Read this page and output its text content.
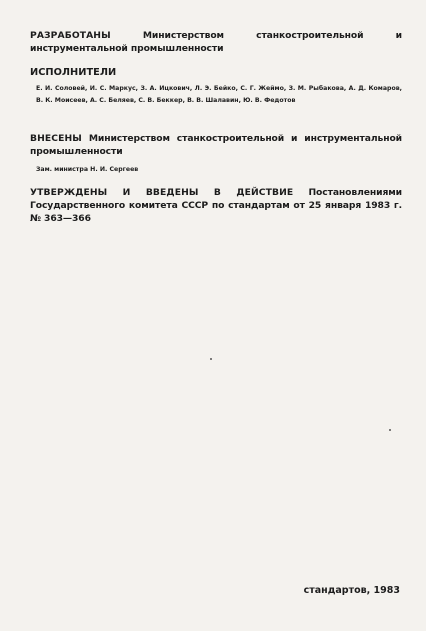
РАЗРАБОТАНЫ	Министерством станкостроительной и инструментальной промышленности
ИСПОЛНИТЕЛИ
Е. И. Соловей, И. С. Маркус, З. А. Ицкович, Л. Э. Бейко, С. Г. Жеймо, З. М. Рыбакова, А. Д. Комаров, В. К. Моисеев, А. С. Беляев, С. В. Беккер, В. В. Шалавин, Ю. В. Федотов
ВНЕСЕНЫ Министерством станкостроительной и инструментальной промышленности
Зам. министра Н. И. Сергеев
УТВЕРЖДЕНЫ И ВВЕДЕНЫ В ДЕЙСТВИЕ Постановлениями Государственного комитета СССР по стандартам от 25 января 1983 г. № 363—366
стандартов, 1983
